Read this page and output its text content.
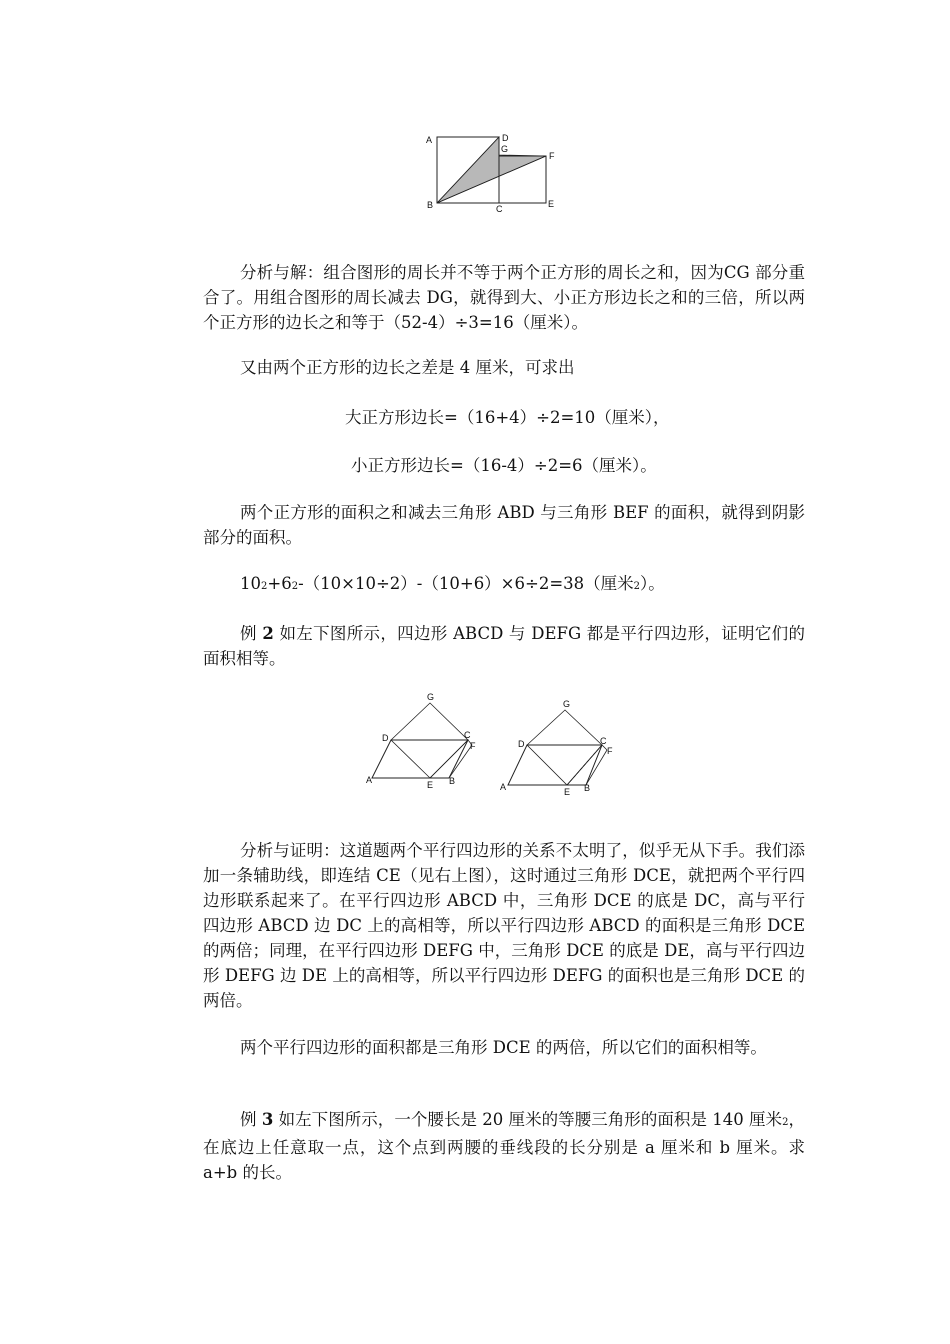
A	D
G
F
B	C	E

分析与解：组合图形的周长并不等于两个正方形的周长之和，因为CG 部分重合了。用组合图形的周长减去 DG，就得到大、小正方形边长之和的三倍，所以两个正方形的边长之和等于（52-4）÷3=16（厘米）。

又由两个正方形的边长之差是 4 厘米，可求出

大正方形边长=（16+4）÷2=10（厘米），

小正方形边长=（16-4）÷2=6（厘米）。

两个正方形的面积之和减去三角形 ABD 与三角形 BEF 的面积，就得到阴影部分的面积。

102+62-（10×10÷2）-（10+6）×6÷2=38（厘米2）。

例 2 如左下图所示，四边形 ABCD 与 DEFG 都是平行四边形，证明它们的面积相等。

G
D	C
F
A	E B
G
D	C
F
A	E B

分析与证明：这道题两个平行四边形的关系不太明了，似乎无从下手。我们添加一条辅助线，即连结 CE（见右上图），这时通过三角形 DCE，就把两个平行四边形联系起来了。在平行四边形 ABCD 中，三角形 DCE 的底是 DC，高与平行四边形 ABCD 边 DC 上的高相等，所以平行四边形 ABCD 的面积是三角形 DCE 的两倍；同理，在平行四边形 DEFG 中，三角形 DCE 的底是 DE，高与平行四边形 DEFG 边 DE 上的高相等，所以平行四边形 DEFG 的面积也是三角形 DCE 的两倍。

两个平行四边形的面积都是三角形 DCE 的两倍，所以它们的面积相等。

例 3 如左下图所示，一个腰长是 20 厘米的等腰三角形的面积是 140 厘米2，在底边上任意取一点，这个点到两腰的垂线段的长分别是 a 厘米和 b 厘米。求 a+b 的长。
